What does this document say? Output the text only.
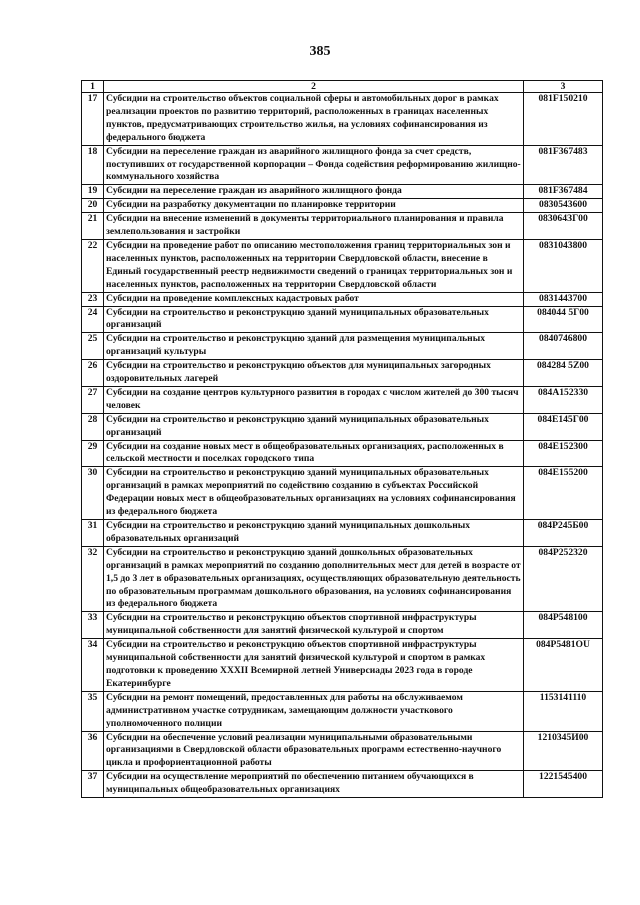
385
1	2	3
17	Субсидии на строительство объектов социальной сферы и автомобильных дорог в рамках реализации проектов по развитию территорий, расположенных в границах населенных пунктов, предусматривающих строительство жилья, на условиях софинансирования из федерального бюджета	081F150210
18	Субсидии на переселение граждан из аварийного жилищного фонда за счет средств, поступивших от государственной корпорации – Фонда содействия реформированию жилищно-коммунального хозяйства	081F367483
19	Субсидии на переселение граждан из аварийного жилищного фонда	081F367484
20	Субсидии на разработку документации по планировке территории	0830543600
21	Субсидии на внесение изменений в документы территориального планирования и правила землепользования и застройки	083064ЗГ00
22	Субсидии на проведение работ по описанию местоположения границ территориальных зон и населенных пунктов, расположенных на территории Свердловской области, внесение в Единый государственный реестр недвижимости сведений о границах территориальных зон и населенных пунктов, расположенных на территории Свердловской области	0831043800
23	Субсидии на проведение комплексных кадастровых работ	0831443700
24	Субсидии на строительство и реконструкцию зданий муниципальных образовательных организаций	084044 5Г00
25	Субсидии на строительство и реконструкцию зданий для размещения муниципальных организаций культуры	0840746800
26	Субсидии на строительство и реконструкцию объектов для муниципальных загородных оздоровительных лагерей	084284 5Z00
27	Субсидии на создание центров культурного развития в городах с числом жителей до 300 тысяч человек	084А152330
28	Субсидии на строительство и реконструкцию зданий муниципальных образовательных организаций	084Е145Г00
29	Субсидии на создание новых мест в общеобразовательных организациях, расположенных в сельской местности и поселках городского типа	084Е152300
30	Субсидии на строительство и реконструкцию зданий муниципальных образовательных организаций в рамках мероприятий по содействию созданию в субъектах Российской Федерации новых мест в общеобразовательных организациях на условиях софинансирования из федерального бюджета	084Е155200
31	Субсидии на строительство и реконструкцию зданий муниципальных дошкольных образовательных организаций	084Р245Б00
32	Субсидии на строительство и реконструкцию зданий дошкольных образовательных организаций в рамках мероприятий по созданию дополнительных мест для детей в возрасте от 1,5 до 3 лет в образовательных организациях, осуществляющих образовательную деятельность по образовательным программам дошкольного образования, на условиях софинансирования из федерального бюджета	084Р252320
33	Субсидии на строительство и реконструкцию объектов спортивной инфраструктуры муниципальной собственности для занятий физической культурой и спортом	084Р548100
34	Субсидии на строительство и реконструкцию объектов спортивной инфраструктуры муниципальной собственности для занятий физической культурой и спортом в рамках подготовки к проведению XXXII Всемирной летней Универсиады 2023 года в городе Екатеринбурге	084Р5481ОU
35	Субсидии на ремонт помещений, предоставленных для работы на обслуживаемом административном участке сотрудникам, замещающим должности участкового уполномоченного полиции	1153141110
36	Субсидии на обеспечение условий реализации муниципальными образовательными организациями в Свердловской области образовательных программ естественно-научного цикла и профориентационной работы	1210345И00
37	Субсидии на осуществление мероприятий по обеспечению питанием обучающихся в муниципальных общеобразовательных организациях	1221545400
